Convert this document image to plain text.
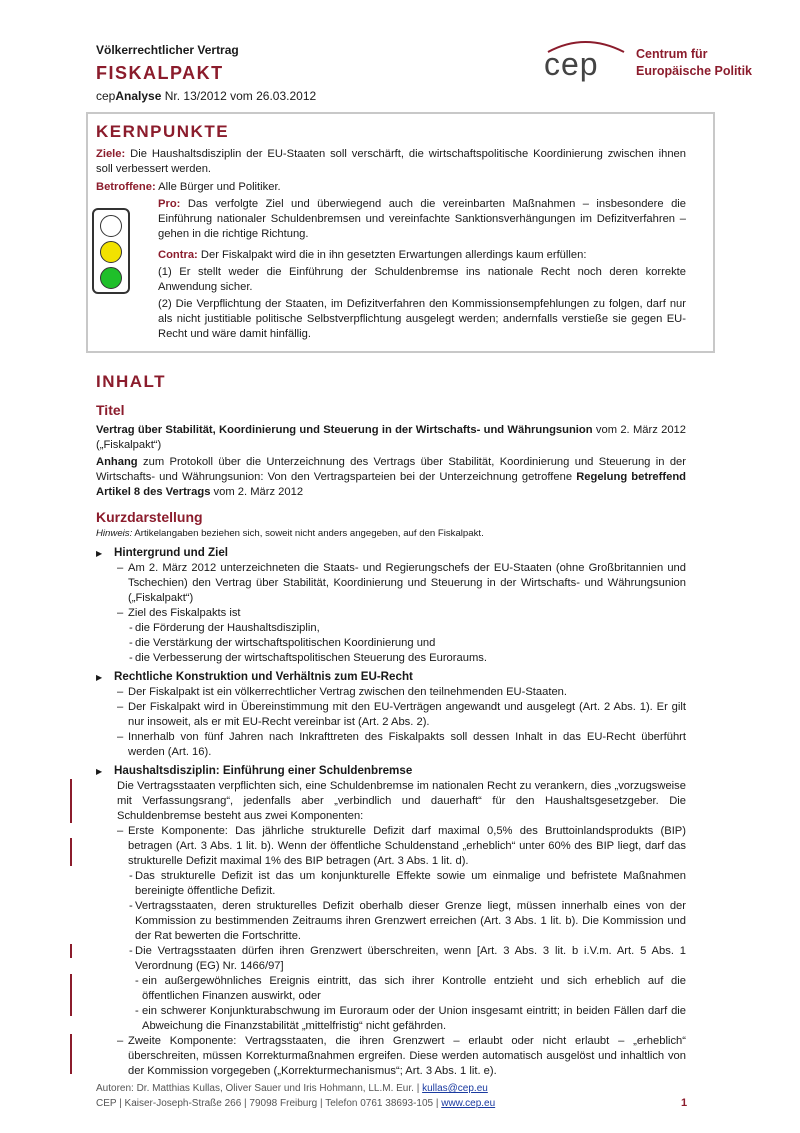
Völkerrechtlicher Vertrag
FISKALPAKT
cepAnalyse Nr. 13/2012 vom 26.03.2012
cep	Centrum für
Europäische Politik
KERNPUNKTE
Ziele: Die Haushaltsdisziplin der EU-Staaten soll verschärft, die wirtschaftspolitische Koordinierung zwischen ihnen soll verbessert werden.
Betroffene: Alle Bürger und Politiker.
Pro: Das verfolgte Ziel und überwiegend auch die vereinbarten Maßnahmen – insbesondere die Einführung nationaler Schuldenbremsen und vereinfachte Sanktionsverhängungen im Defizitverfahren – gehen in die richtige Richtung.
Contra: Der Fiskalpakt wird die in ihn gesetzten Erwartungen allerdings kaum erfüllen:
(1) Er stellt weder die Einführung der Schuldenbremse ins nationale Recht noch deren korrekte Anwendung sicher.
(2) Die Verpflichtung der Staaten, im Defizitverfahren den Kommissionsempfehlungen zu folgen, darf nur als nicht justitiable politische Selbstverpflichtung ausgelegt werden; andernfalls verstieße sie gegen EU-Recht und wäre damit hinfällig.
INHALT
Titel
Vertrag über Stabilität, Koordinierung und Steuerung in der Wirtschafts- und Währungsunion vom 2. März 2012 („Fiskalpakt“)
Anhang zum Protokoll über die Unterzeichnung des Vertrags über Stabilität, Koordinierung und Steuerung in der Wirtschafts- und Währungsunion: Von den Vertragsparteien bei der Unterzeichnung getroffene Regelung betreffend Artikel 8 des Vertrags vom 2. März 2012
Kurzdarstellung
Hinweis: Artikelangaben beziehen sich, soweit nicht anders angegeben, auf den Fiskalpakt.
▶ Hintergrund und Ziel
– Am 2. März 2012 unterzeichneten die Staats- und Regierungschefs der EU-Staaten (ohne Großbritannien und Tschechien) den Vertrag über Stabilität, Koordinierung und Steuerung in der Wirtschafts- und Währungsunion („Fiskalpakt“)
– Ziel des Fiskalpakts ist
- die Förderung der Haushaltsdisziplin,
- die Verstärkung der wirtschaftspolitischen Koordinierung und
- die Verbesserung der wirtschaftspolitischen Steuerung des Euroraums.
▶ Rechtliche Konstruktion und Verhältnis zum EU-Recht
– Der Fiskalpakt ist ein völkerrechtlicher Vertrag zwischen den teilnehmenden EU-Staaten.
– Der Fiskalpakt wird in Übereinstimmung mit den EU-Verträgen angewandt und ausgelegt (Art. 2 Abs. 1). Er gilt nur insoweit, als er mit EU-Recht vereinbar ist (Art. 2 Abs. 2).
– Innerhalb von fünf Jahren nach Inkrafttreten des Fiskalpakts soll dessen Inhalt in das EU-Recht überführt werden (Art. 16).
▶ Haushaltsdisziplin: Einführung einer Schuldenbremse
Die Vertragsstaaten verpflichten sich, eine Schuldenbremse im nationalen Recht zu verankern, dies „vorzugsweise mit Verfassungsrang“, jedenfalls aber „verbindlich und dauerhaft“ für den Haushaltsgesetzgeber. Die Schuldenbremse besteht aus zwei Komponenten:
– Erste Komponente: Das jährliche strukturelle Defizit darf maximal 0,5% des Bruttoinlandsprodukts (BIP) betragen (Art. 3 Abs. 1 lit. b). Wenn der öffentliche Schuldenstand „erheblich“ unter 60% des BIP liegt, darf das strukturelle Defizit maximal 1% des BIP betragen (Art. 3 Abs. 1 lit. d).
- Das strukturelle Defizit ist das um konjunkturelle Effekte sowie um einmalige und befristete Maßnahmen bereinigte öffentliche Defizit.
- Vertragsstaaten, deren strukturelles Defizit oberhalb dieser Grenze liegt, müssen innerhalb eines von der Kommission zu bestimmenden Zeitraums ihren Grenzwert erreichen (Art. 3 Abs. 1 lit. b). Die Kommission und der Rat bewerten die Fortschritte.
- Die Vertragsstaaten dürfen ihren Grenzwert überschreiten, wenn [Art. 3 Abs. 3 lit. b i.V.m. Art. 5 Abs. 1 Verordnung (EG) Nr. 1466/97]
- ein außergewöhnliches Ereignis eintritt, das sich ihrer Kontrolle entzieht und sich erheblich auf die öffentlichen Finanzen auswirkt, oder
- ein schwerer Konjunkturabschwung im Euroraum oder der Union insgesamt eintritt; in beiden Fällen darf die Abweichung die Finanzstabilität „mittelfristig“ nicht gefährden.
– Zweite Komponente: Vertragsstaaten, die ihren Grenzwert – erlaubt oder nicht erlaubt – „erheblich“ überschreiten, müssen Korrekturmaßnahmen ergreifen. Diese werden automatisch ausgelöst und inhaltlich von der Kommission vorgegeben („Korrekturmechanismus“; Art. 3 Abs. 1 lit. e).
Autoren: Dr. Matthias Kullas, Oliver Sauer und Iris Hohmann, LL.M. Eur. | kullas@cep.eu
CEP | Kaiser-Joseph-Straße 266 | 79098 Freiburg | Telefon 0761 38693-105 | www.cep.eu	1
